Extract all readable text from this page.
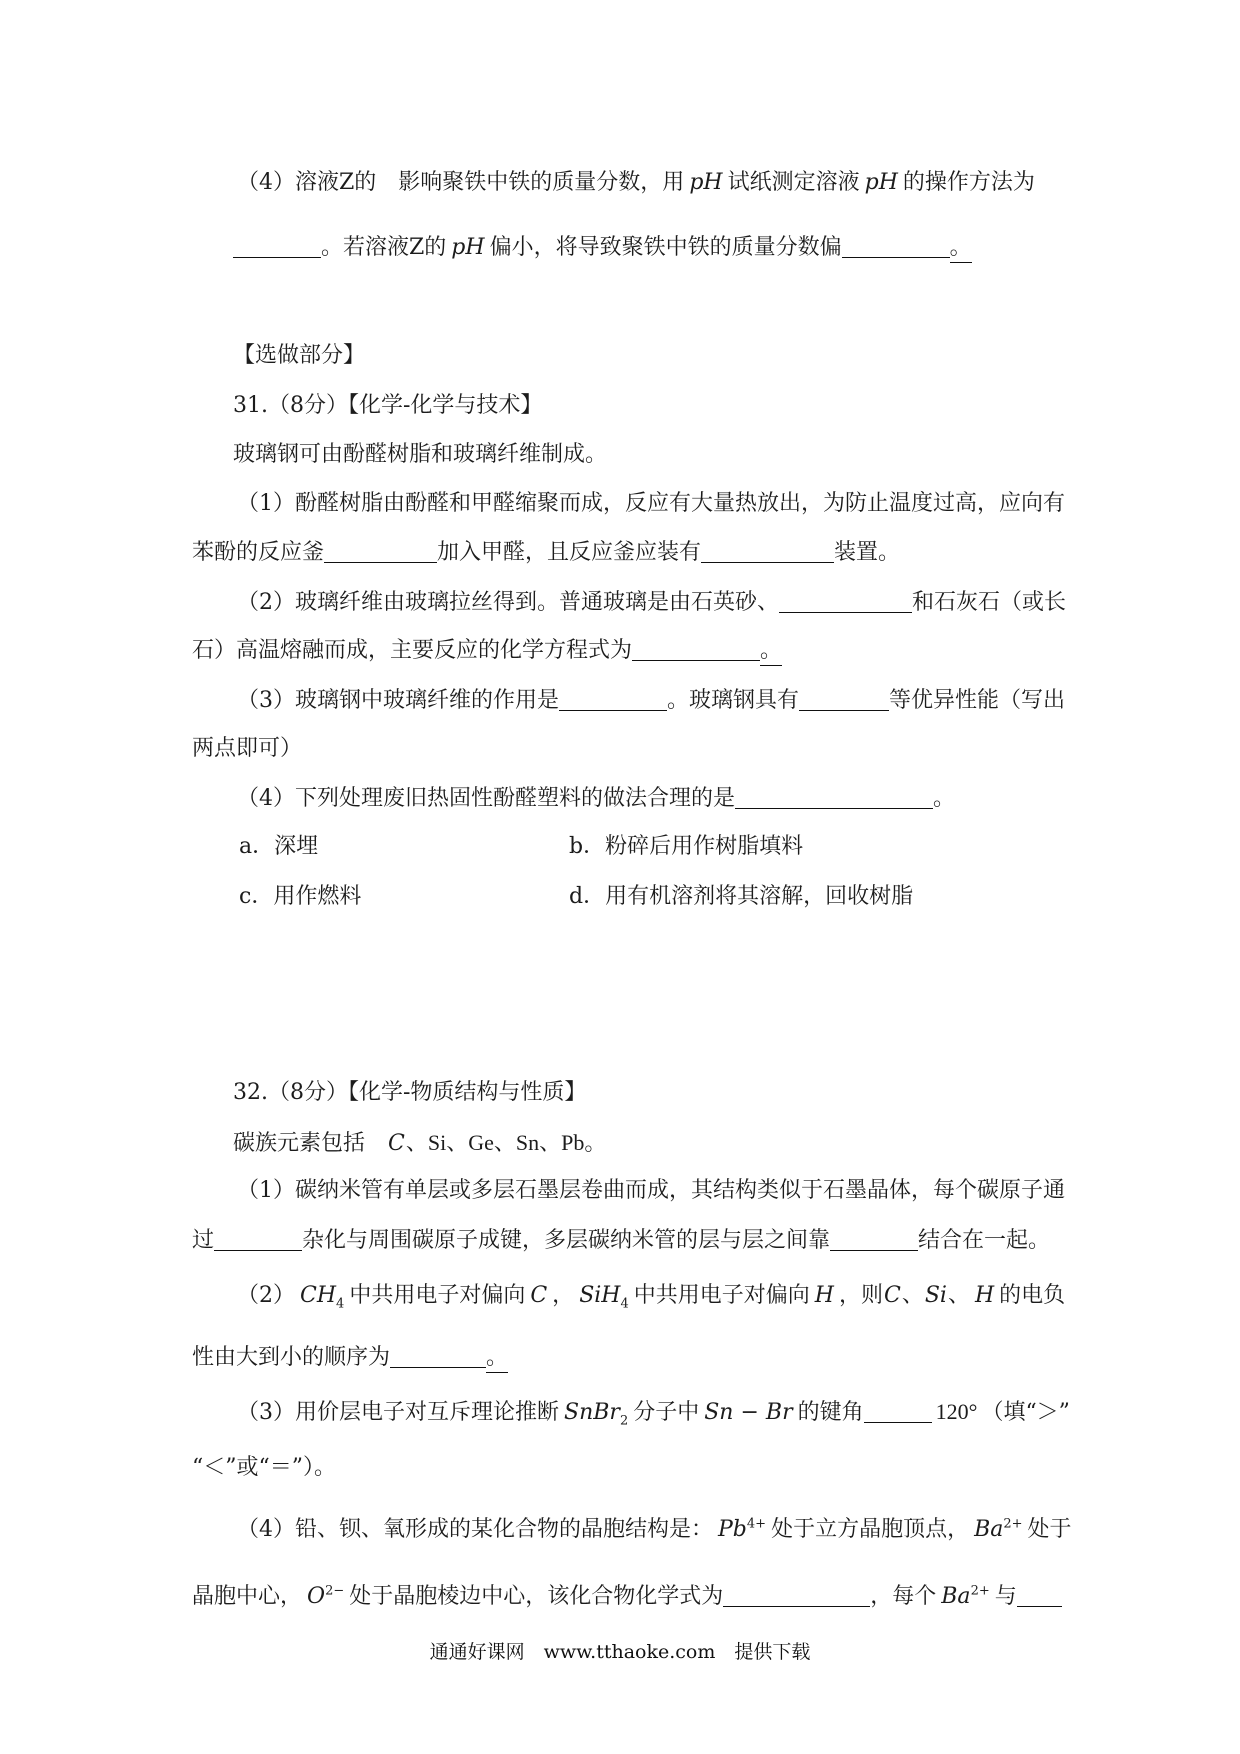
（4）溶液Z的 影响聚铁中铁的质量分数，用 pH 试纸测定溶液 pH 的操作方法为
。若溶液Z的 pH 偏小，将导致聚铁中铁的质量分数偏	。
【选做部分】
31.（8分）【化学-化学与技术】
玻璃钢可由酚醛树脂和玻璃纤维制成。
（1）酚醛树脂由酚醛和甲醛缩聚而成，反应有大量热放出，为防止温度过高，应向有
苯酚的反应釜	加入甲醛，且反应釜应装有	装置。
（2）玻璃纤维由玻璃拉丝得到。普通玻璃是由石英砂、	和石灰石（或长
石）高温熔融而成，主要反应的化学方程式为	。
（3）玻璃钢中玻璃纤维的作用是	。玻璃钢具有	等优异性能（写出
两点即可）
（4）下列处理废旧热固性酚醛塑料的做法合理的是	。
a．深埋	b．粉碎后用作树脂填料
c．用作燃料	d．用有机溶剂将其溶解，回收树脂
32.（8分）【化学-物质结构与性质】
碳族元素包括 C、Si、Ge、Sn、Pb。
（1）碳纳米管有单层或多层石墨层卷曲而成，其结构类似于石墨晶体，每个碳原子通
过	杂化与周围碳原子成键，多层碳纳米管的层与层之间靠	结合在一起。
（2） $CH_4$ 中共用电子对偏向 C ， SiH$_4$ 中共用电子对偏向 H ，则C、Si、 H 的电负
性由大到小的顺序为	。
（3）用价层电子对互斥理论推断 SnBr$_2$ 分子中 Sn − Br 的键角	120° （填“＞”
“＜”或“＝”）。
（4）铅、钡、氧形成的某化合物的晶胞结构是： $Pb^{4+}$ 处于立方晶胞顶点， $Ba^{2+}$ 处于
晶胞中心， $O^{2-}$ 处于晶胞棱边中心，该化合物化学式为	，每个 $Ba^{2+}$ 与
通通好课网　www.tthaoke.com　提供下载
